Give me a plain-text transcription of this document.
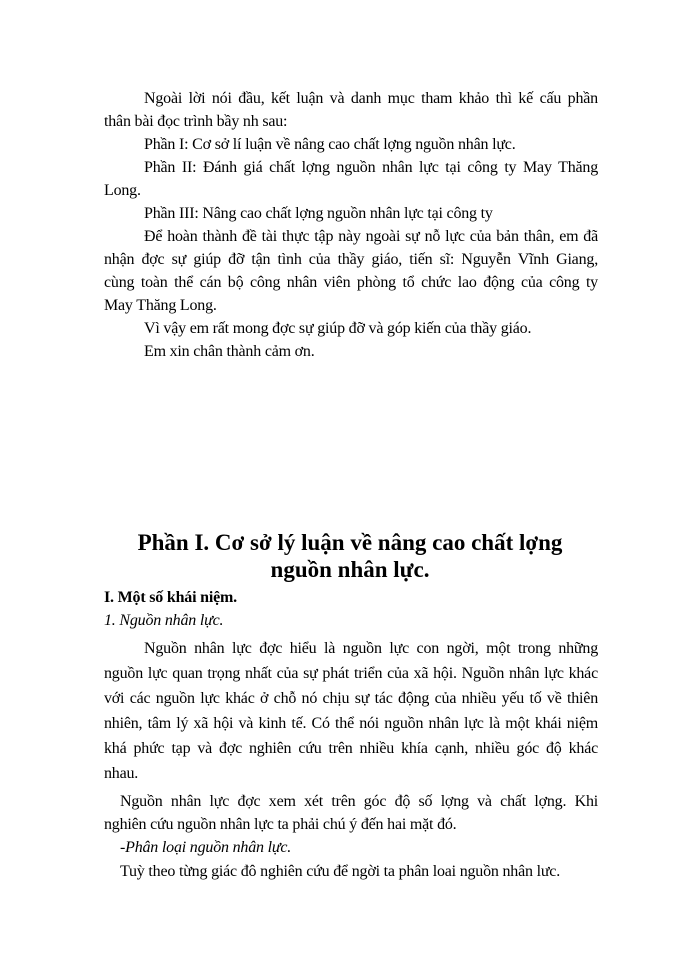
Ngoài lời nói đầu, kết luận và danh mục tham khảo thì kế cấu phần
thân bài đọc trình bầy nh sau:
Phần I: Cơ sở lí luận về nâng cao chất lợng nguồn nhân lực.
Phần II: Đánh giá chất lợng nguồn nhân lực tại công ty May Thăng
Long.
Phần III: Nâng cao chất lợng nguồn nhân lực tại công ty
Để hoàn thành đề tài thực tập này ngoài sự nỗ lực của bản thân, em đã
nhận đợc sự giúp đỡ tận tình của thầy giáo, tiến sĩ: Nguyễn Vĩnh Giang,
cùng toàn thể cán bộ công nhân viên phòng tổ chức lao động của công ty
May Thăng Long.
Vì vậy em rất mong đợc sự giúp đỡ và góp kiến của thầy giáo.
Em xin chân thành cảm ơn.
Phần I. Cơ sở lý luận về nâng cao chất lợng
nguồn nhân lực.
I. Một số khái niệm.
1. Nguồn nhân lực.
Nguồn nhân lực đợc hiểu là nguồn lực con ngời, một trong những
nguồn lực quan trọng nhất của sự phát triển của xã hội. Nguồn nhân lực khác
với các nguồn lực khác ở chỗ nó chịu sự tác động của nhiều yếu tố về thiên
nhiên, tâm lý xã hội và kinh tế. Có thể nói nguồn nhân lực là một khái niệm
khá phức tạp và đợc nghiên cứu trên nhiều khía cạnh, nhiều góc độ khác
nhau.
Nguồn nhân lực đợc xem xét trên góc độ số lợng và chất lợng. Khi
nghiên cứu nguồn nhân lực ta phải chú ý đến hai mặt đó.
-Phân loại nguồn nhân lực.
Tuỳ theo từng giác đô nghiên cứu để ngời ta phân loai nguồn nhân lưc.
